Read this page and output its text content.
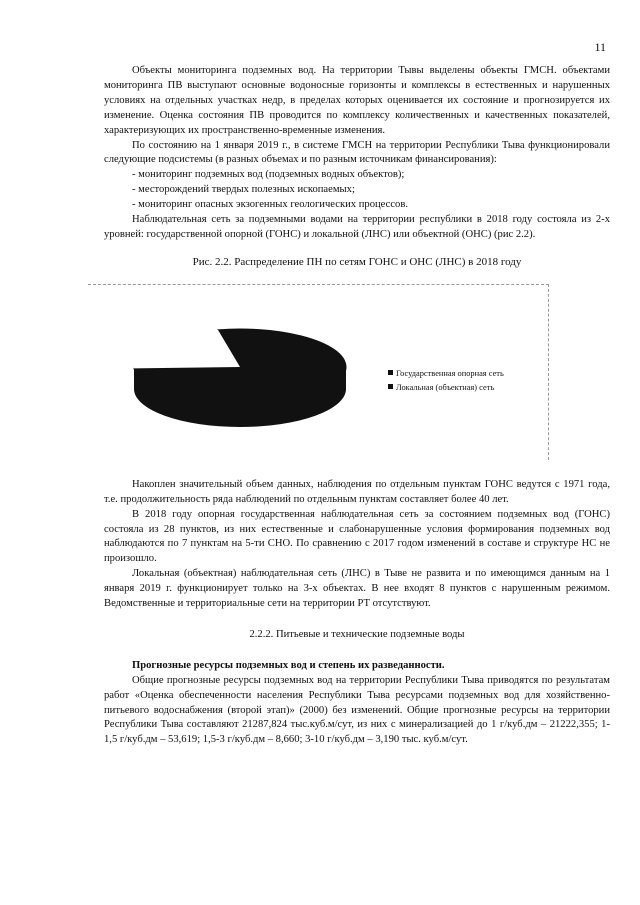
11

Объекты мониторинга подземных вод. На территории Тывы выделены объекты ГМСН. объектами мониторинга ПВ выступают основные водоносные горизонты и комплексы в естественных и нарушенных условиях на отдельных участках недр, в пределах которых оценивается их состояние и прогнозируется их изменение. Оценка состояния ПВ проводится по комплексу количественных и качественных показателей, характеризующих их пространственно-временные изменения.

По состоянию на 1 января 2019 г., в системе ГМСН на территории Республики Тыва функционировали следующие подсистемы (в разных объемах и по разным источникам финансирования):

- мониторинг подземных вод (подземных водных объектов);

- месторождений твердых полезных ископаемых;

- мониторинг опасных экзогенных геологических процессов.

Наблюдательная сеть за подземными водами на территории республики в 2018 году состояла из 2-х уровней: государственной опорной (ГОНС) и локальной (ЛНС) или объектной (ОНС) (рис 2.2).

Рис. 2.2. Распределение ПН по сетям ГОНС и ОНС (ЛНС) в 2018 году

Государственная опорная сеть
Локальная (объектная) сеть

Накоплен значительный объем данных, наблюдения по отдельным пунктам ГОНС ведутся с 1971 года, т.е. продолжительность ряда наблюдений по отдельным пунктам составляет более 40 лет.

В 2018 году опорная государственная наблюдательная сеть за состоянием подземных вод (ГОНС) состояла из 28 пунктов, из них естественные и слабонарушенные условия формирования подземных вод наблюдаются по 7 пунктам на 5-ти СНО. По сравнению с 2017 годом изменений в составе и структуре НС не произошло.

Локальная (объектная) наблюдательная сеть (ЛНС) в Тыве не развита и по имеющимся данным на 1 января 2019 г. функционирует только на 3-х объектах. В нее входят 8 пунктов с нарушенным режимом. Ведомственные и территориальные сети на территории РТ отсутствуют.

2.2.2. Питьевые и технические подземные воды

Прогнозные ресурсы подземных вод и степень их разведанности.

Общие прогнозные ресурсы подземных вод на территории Республики Тыва приводятся по результатам работ «Оценка обеспеченности населения Республики Тыва ресурсами подземных вод для хозяйственно-питьевого водоснабжения (второй этап)» (2000) без изменений. Общие прогнозные ресурсы на территории Республики Тыва составляют 21287,824 тыс.куб.м/сут, из них с минерализацией до 1 г/куб.дм – 21222,355; 1-1,5 г/куб.дм – 53,619; 1,5-3 г/куб.дм – 8,660; 3-10 г/куб.дм – 3,190 тыс. куб.м/сут.
